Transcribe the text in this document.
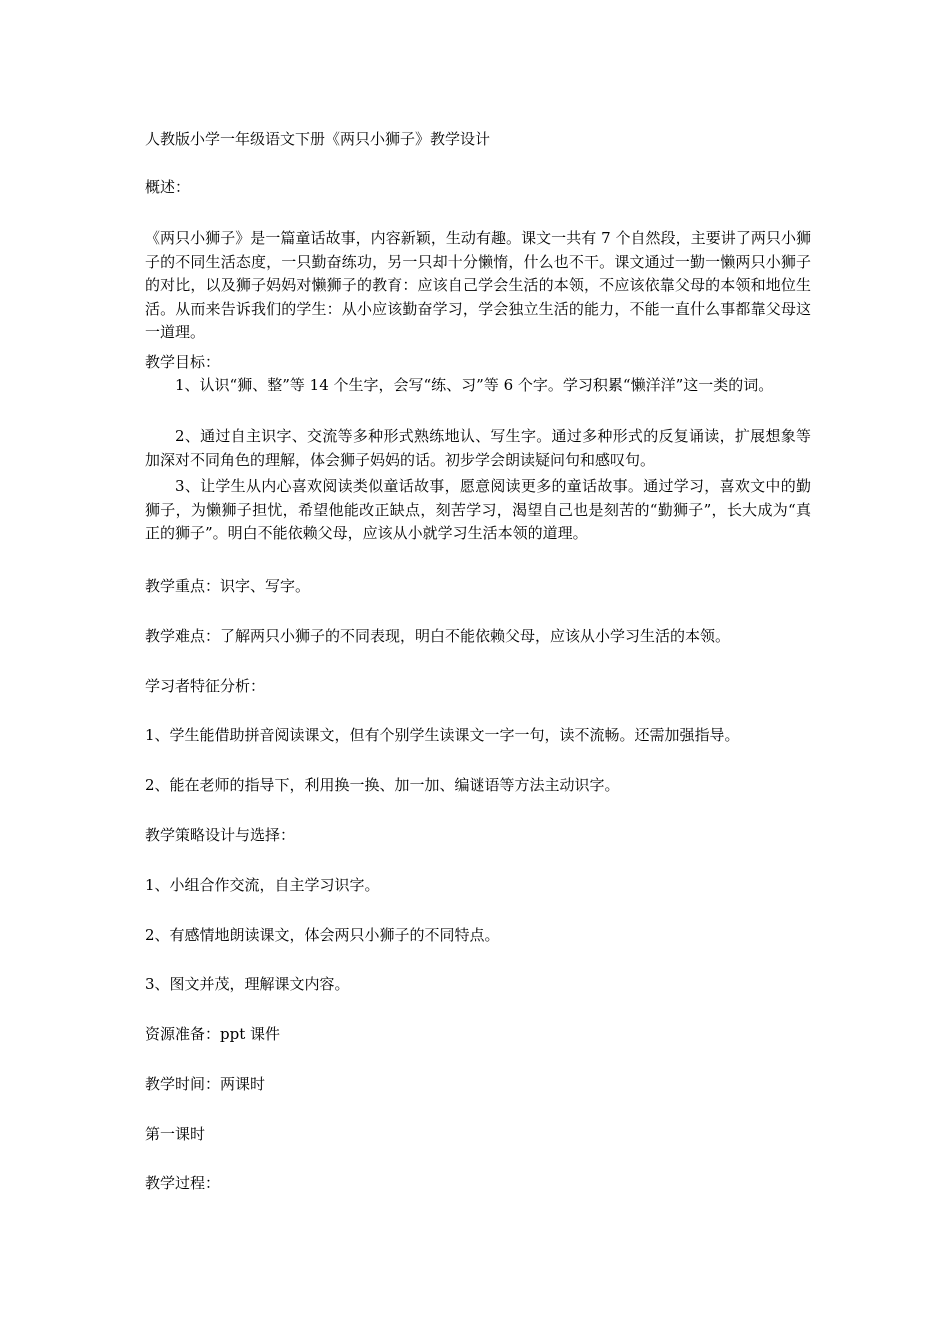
人教版小学一年级语文下册《两只小狮子》教学设计

概述：

《两只小狮子》是一篇童话故事，内容新颖，生动有趣。课文一共有 7 个自然段，主要讲了两只小狮子的不同生活态度，一只勤奋练功，另一只却十分懒惰，什么也不干。课文通过一勤一懒两只小狮子的对比，以及狮子妈妈对懒狮子的教育：应该自己学会生活的本领，不应该依靠父母的本领和地位生活。从而来告诉我们的学生：从小应该勤奋学习，学会独立生活的能力，不能一直什么事都靠父母这一道理。

教学目标：

1、认识“狮、整”等 14 个生字，会写“练、习”等 6 个字。学习积累“懒洋洋”这一类的词。

2、通过自主识字、交流等多种形式熟练地认、写生字。通过多种形式的反复诵读，扩展想象等加深对不同角色的理解，体会狮子妈妈的话。初步学会朗读疑问句和感叹句。

3、让学生从内心喜欢阅读类似童话故事，愿意阅读更多的童话故事。通过学习，喜欢文中的勤狮子，为懒狮子担忧，希望他能改正缺点，刻苦学习，渴望自己也是刻苦的“勤狮子”，长大成为“真正的狮子”。明白不能依赖父母，应该从小就学习生活本领的道理。

教学重点：识字、写字。

教学难点：了解两只小狮子的不同表现，明白不能依赖父母，应该从小学习生活的本领。

学习者特征分析：

1、学生能借助拼音阅读课文，但有个别学生读课文一字一句，读不流畅。还需加强指导。

2、能在老师的指导下，利用换一换、加一加、编谜语等方法主动识字。

教学策略设计与选择：

1、小组合作交流，自主学习识字。

2、有感情地朗读课文，体会两只小狮子的不同特点。

3、图文并茂，理解课文内容。

资源准备：ppt 课件

教学时间：两课时

第一课时

教学过程：
